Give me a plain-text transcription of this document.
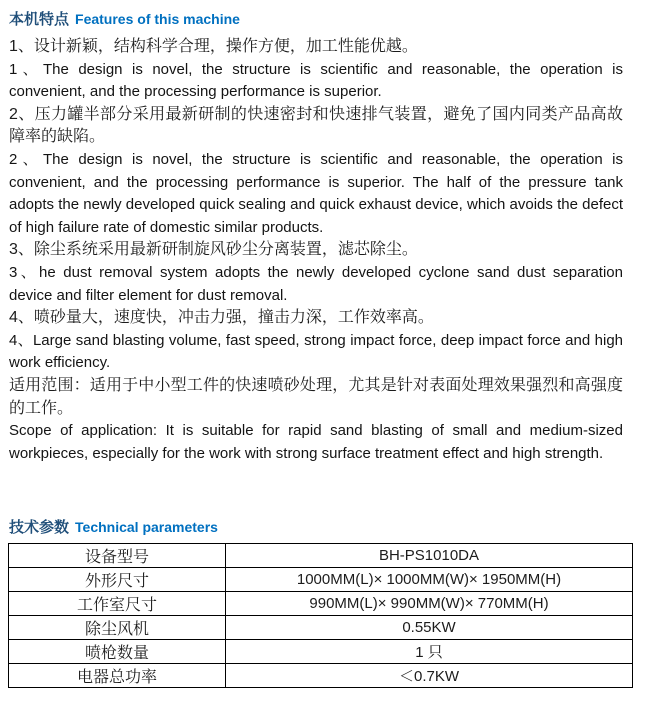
本机特点 Features of this machine

1、设计新颖，结构科学合理，操作方便，加工性能优越。

1、The design is novel, the structure is scientific and reasonable, the operation is convenient, and the processing performance is superior.

2、压力罐半部分采用最新研制的快速密封和快速排气装置，避免了国内同类产品高故障率的缺陷。

2、The design is novel, the structure is scientific and reasonable, the operation is convenient, and the processing performance is superior. The half of the pressure tank adopts the newly developed quick sealing and quick exhaust device, which avoids the defect of high failure rate of domestic similar products.

3、除尘系统采用最新研制旋风砂尘分离装置，滤芯除尘。

3、he dust removal system adopts the newly developed cyclone sand dust separation device and filter element for dust removal.

4、喷砂量大，速度快，冲击力强，撞击力深，工作效率高。

4、Large sand blasting volume, fast speed, strong impact force, deep impact force and high work efficiency.

适用范围：适用于中小型工件的快速喷砂处理，尤其是针对表面处理效果强烈和高强度的工作。

Scope of application: It is suitable for rapid sand blasting of small and medium-sized workpieces, especially for the work with strong surface treatment effect and high strength.

技术参数 Technical parameters
设备型号	BH-PS1010DA
外形尺寸	1000MM(L)× 1000MM(W)× 1950MM(H)
工作室尺寸	990MM(L)× 990MM(W)× 770MM(H)
除尘风机	0.55KW
喷枪数量	1 只
电器总功率	＜0.7KW
